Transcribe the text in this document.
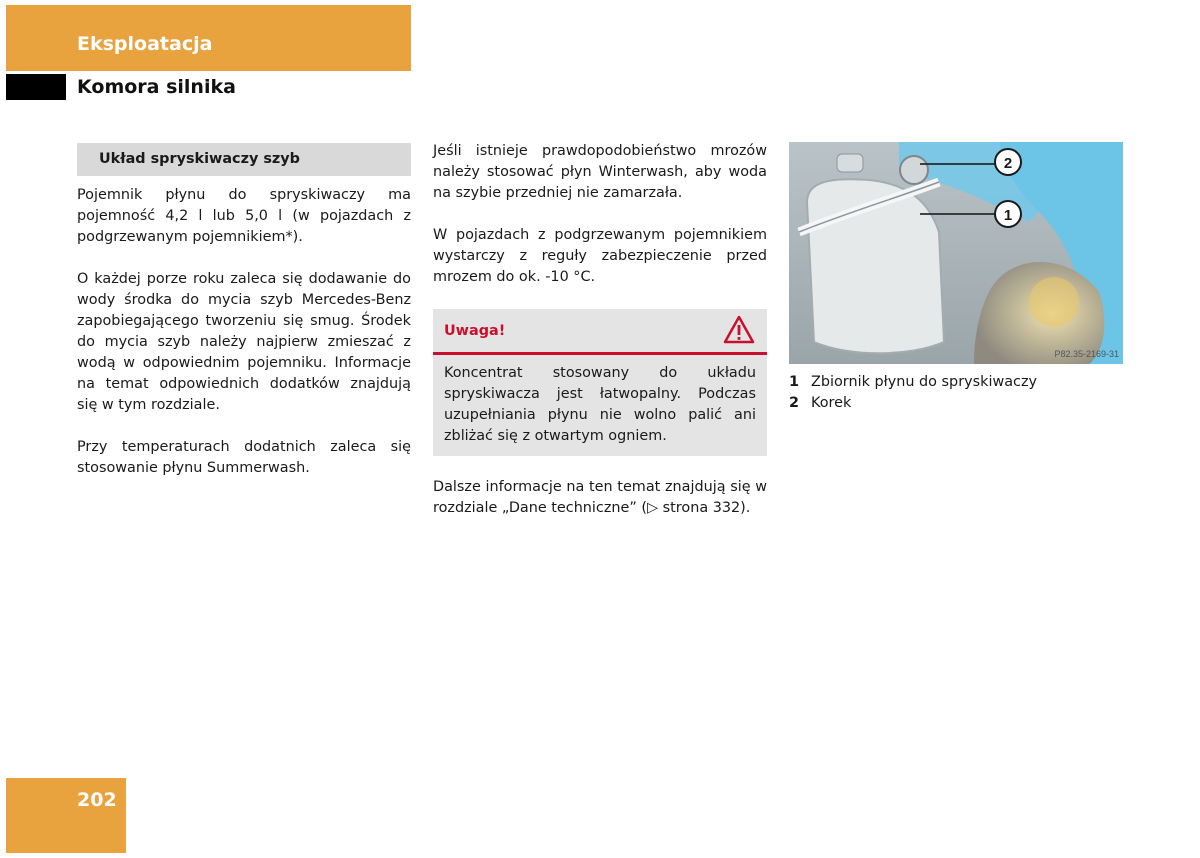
Eksploatacja
Komora silnika
Układ spryskiwaczy szyb

Pojemnik płynu do spryskiwaczy ma pojemność 4,2 l lub 5,0 l (w pojazdach z podgrzewanym pojemnikiem*).

O każdej porze roku zaleca się dodawanie do wody środka do mycia szyb Mercedes-Benz zapobiegającego tworzeniu się smug. Środek do mycia szyb należy najpierw zmieszać z wodą w odpowiednim pojemniku. Informacje na temat odpowiednich dodatków znajdują się w tym rozdziale.

Przy temperaturach dodatnich zaleca się stosowanie płynu Summerwash.

Jeśli istnieje prawdopodobieństwo mrozów należy stosować płyn Winterwash, aby woda na szybie przedniej nie zamarzała.

W pojazdach z podgrzewanym pojemnikiem wystarczy z reguły zabezpieczenie przed mrozem do ok. -10 °C.

Uwaga!
Koncentrat stosowany do układu spryskiwacza jest łatwopalny. Podczas uzupełniania płynu nie wolno palić ani zbliżać się z otwartym ogniem.

Dalsze informacje na ten temat znajdują się w rozdziale „Dane techniczne” (▷ strona 332).

2
1
P82.35-2169-31
1 Zbiornik płynu do spryskiwaczy
2 Korek
202
